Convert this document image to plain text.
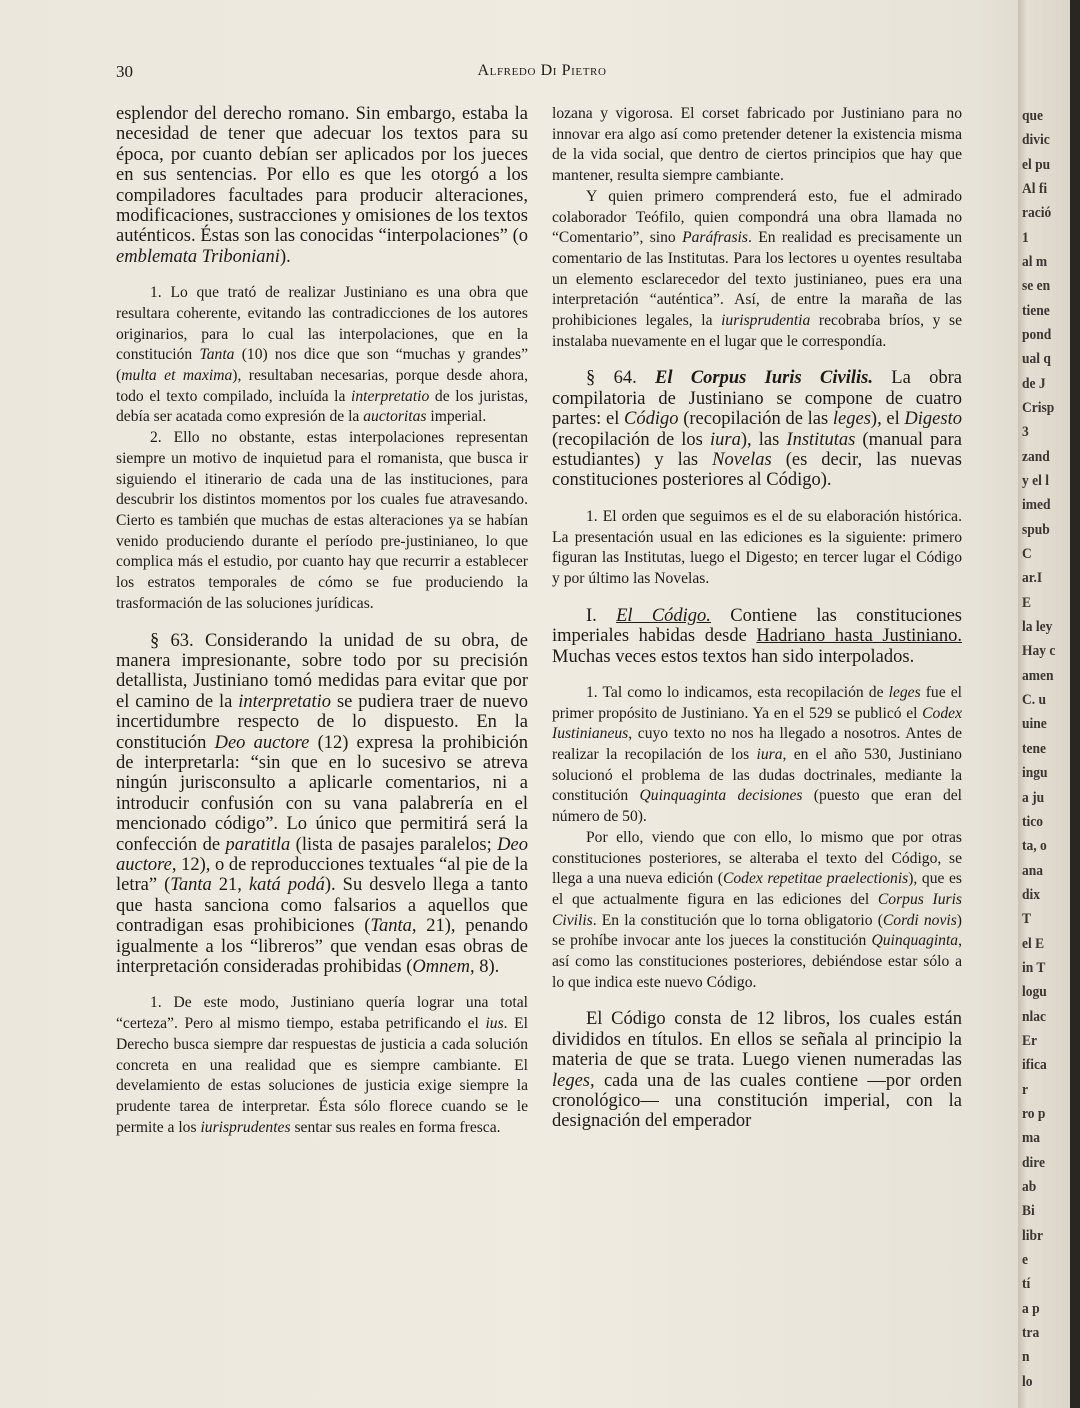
30	Alfredo Di Pietro

esplendor del derecho romano. Sin embargo, estaba la necesidad de tener que adecuar los textos para su época, por cuanto debían ser aplicados por los jueces en sus sentencias. Por ello es que les otorgó a los compiladores facultades para producir alteraciones, modificaciones, sustracciones y omisiones de los textos auténticos. Éstas son las conocidas “interpolaciones” (o emblemata Triboniani).

1. Lo que trató de realizar Justiniano es una obra que resultara coherente, evitando las contradicciones de los autores originarios, para lo cual las interpolaciones, que en la constitución Tanta (10) nos dice que son “muchas y grandes” (multa et maxima), resultaban necesarias, porque desde ahora, todo el texto compilado, incluída la interpretatio de los juristas, debía ser acatada como expresión de la auctoritas imperial.

2. Ello no obstante, estas interpolaciones representan siempre un motivo de inquietud para el romanista, que busca ir siguiendo el itinerario de cada una de las instituciones, para descubrir los distintos momentos por los cuales fue atravesando. Cierto es también que muchas de estas alteraciones ya se habían venido produciendo durante el período pre-justinianeo, lo que complica más el estudio, por cuanto hay que recurrir a establecer los estratos temporales de cómo se fue produciendo la trasformación de las soluciones jurídicas.

§ 63. Considerando la unidad de su obra, de manera impresionante, sobre todo por su precisión detallista, Justiniano tomó medidas para evitar que por el camino de la interpretatio se pudiera traer de nuevo incertidumbre respecto de lo dispuesto. En la constitución Deo auctore (12) expresa la prohibición de interpretarla: “sin que en lo sucesivo se atreva ningún jurisconsulto a aplicarle comentarios, ni a introducir confusión con su vana palabrería en el mencionado código”. Lo único que permitirá será la confección de paratitla (lista de pasajes paralelos; Deo auctore, 12), o de reproducciones textuales “al pie de la letra” (Tanta 21, katá podá). Su desvelo llega a tanto que hasta sanciona como falsarios a aquellos que contradigan esas prohibiciones (Tanta, 21), penando igualmente a los “libreros” que vendan esas obras de interpretación consideradas prohibidas (Omnem, 8).

1. De este modo, Justiniano quería lograr una total “certeza”. Pero al mismo tiempo, estaba petrificando el ius. El Derecho busca siempre dar respuestas de justicia a cada solución concreta en una realidad que es siempre cambiante. El develamiento de estas soluciones de justicia exige siempre la prudente tarea de interpretar. Ésta sólo florece cuando se le permite a los iurisprudentes sentar sus reales en forma fresca.

lozana y vigorosa. El corset fabricado por Justiniano para no innovar era algo así como pretender detener la existencia misma de la vida social, que dentro de ciertos principios que hay que mantener, resulta siempre cambiante.

Y quien primero comprenderá esto, fue el admirado colaborador Teófilo, quien compondrá una obra llamada no “Comentario”, sino Paráfrasis. En realidad es precisamente un comentario de las Institutas. Para los lectores u oyentes resultaba un elemento esclarecedor del texto justinianeo, pues era una interpretación “auténtica”. Así, de entre la maraña de las prohibiciones legales, la iurisprudentia recobraba bríos, y se instalaba nuevamente en el lugar que le correspondía.

§ 64. El Corpus Iuris Civilis. La obra compilatoria de Justiniano se compone de cuatro partes: el Código (recopilación de las leges), el Digesto (recopilación de los iura), las Institutas (manual para estudiantes) y las Novelas (es decir, las nuevas constituciones posteriores al Código).

1. El orden que seguimos es el de su elaboración histórica. La presentación usual en las ediciones es la siguiente: primero figuran las Institutas, luego el Digesto; en tercer lugar el Código y por último las Novelas.

I. El Código. Contiene las constituciones imperiales habidas desde Hadriano hasta Justiniano. Muchas veces estos textos han sido interpolados.

1. Tal como lo indicamos, esta recopilación de leges fue el primer propósito de Justiniano. Ya en el 529 se publicó el Codex Iustinianeus, cuyo texto no nos ha llegado a nosotros. Antes de realizar la recopilación de los iura, en el año 530, Justiniano solucionó el problema de las dudas doctrinales, mediante la constitución Quinquaginta decisiones (puesto que eran del número de 50).

Por ello, viendo que con ello, lo mismo que por otras constituciones posteriores, se alteraba el texto del Código, se llega a una nueva edición (Codex repetitae praelectionis), que es el que actualmente figura en las ediciones del Corpus Iuris Civilis. En la constitución que lo torna obligatorio (Cordi novis) se prohíbe invocar ante los jueces la constitución Quinquaginta, así como las constituciones posteriores, debiéndose estar sólo a lo que indica este nuevo Código.

El Código consta de 12 libros, los cuales están divididos en títulos. En ellos se señala al principio la materia de que se trata. Luego vienen numeradas las leges, cada una de las cuales contiene —por orden cronológico— una constitución imperial, con la designación del emperador

que
divic
el pu
Al fi
ració
1
al m
se en
tiene
pond
ual q
de J
Crisp
3
zand
y el l
imed
spub
C
ar.I
E
la ley
Hay c
amen
C. u
uine
tene
ingu
a ju
tico
ta, o
ana
dix
T
el E
in T
logu
nlac
Er
ifica
r
ro p
ma
dire
ab
Bi
libr
e
tí
a p
tra
n
lo
